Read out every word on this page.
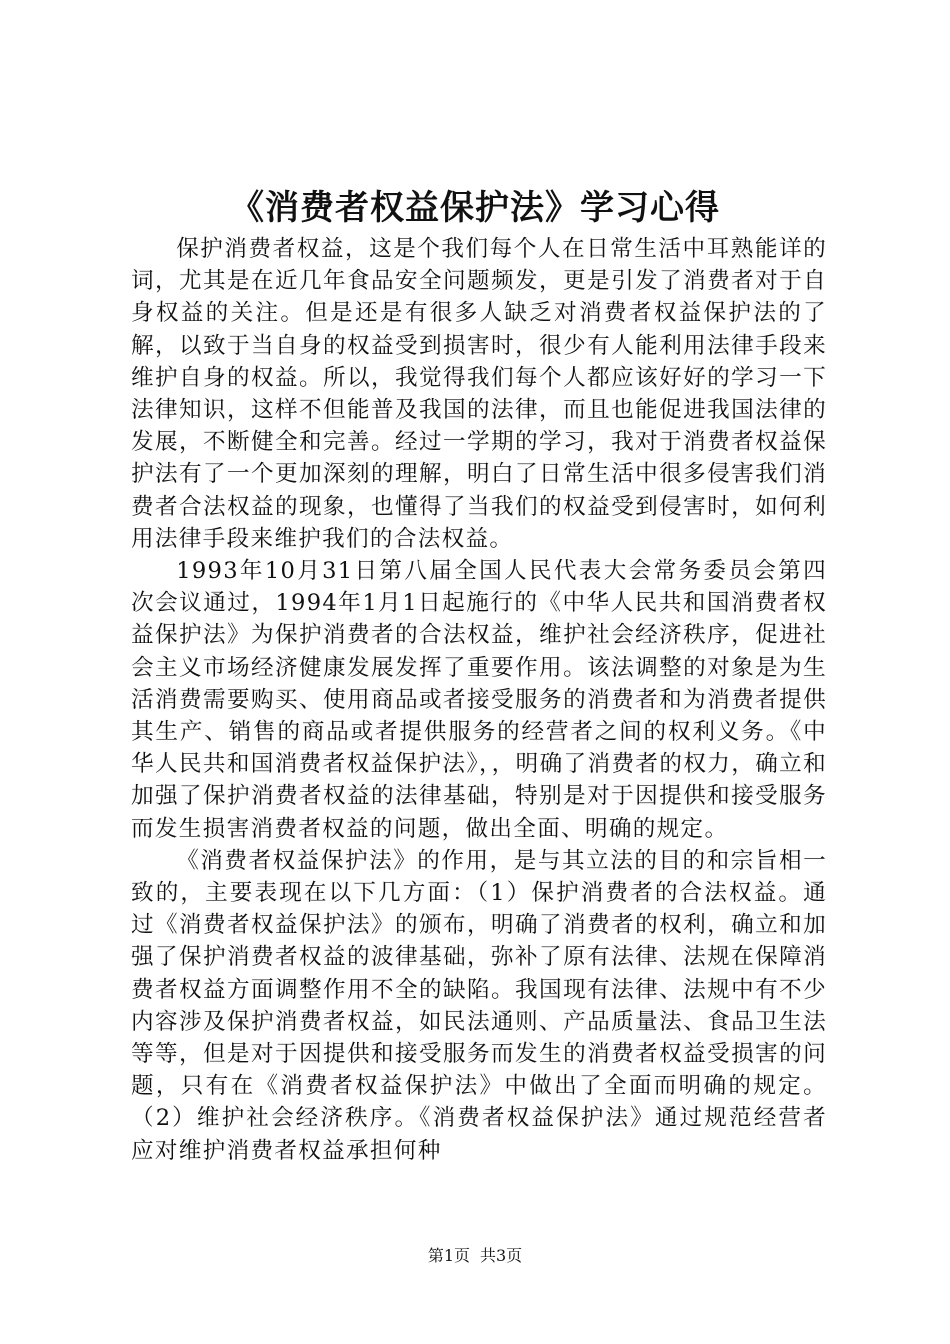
《消费者权益保护法》学习心得

保护消费者权益，这是个我们每个人在日常生活中耳熟能详的词，尤其是在近几年食品安全问题频发，更是引发了消费者对于自身权益的关注。但是还是有很多人缺乏对消费者权益保护法的了解，以致于当自身的权益受到损害时，很少有人能利用法律手段来维护自身的权益。所以，我觉得我们每个人都应该好好的学习一下法律知识，这样不但能普及我国的法律，而且也能促进我国法律的发展，不断健全和完善。经过一学期的学习，我对于消费者权益保护法有了一个更加深刻的理解，明白了日常生活中很多侵害我们消费者合法权益的现象，也懂得了当我们的权益受到侵害时，如何利用法律手段来维护我们的合法权益。

1993年10月31日第八届全国人民代表大会常务委员会第四次会议通过，1994年1月1日起施行的《中华人民共和国消费者权益保护法》为保护消费者的合法权益，维护社会经济秩序，促进社会主义市场经济健康发展发挥了重要作用。该法调整的对象是为生活消费需要购买、使用商品或者接受服务的消费者和为消费者提供其生产、销售的商品或者提供服务的经营者之间的权利义务。《中华人民共和国消费者权益保护法》，，明确了消费者的权力，确立和加强了保护消费者权益的法律基础，特别是对于因提供和接受服务而发生损害消费者权益的问题，做出全面、明确的规定。

《消费者权益保护法》的作用，是与其立法的目的和宗旨相一致的，主要表现在以下几方面：（1）保护消费者的合法权益。通过《消费者权益保护法》的颁布，明确了消费者的权利，确立和加强了保护消费者权益的波律基础，弥补了原有法律、法规在保障消费者权益方面调整作用不全的缺陷。我国现有法律、法规中有不少内容涉及保护消费者权益，如民法通则、产品质量法、食品卫生法等等，但是对于因提供和接受服务而发生的消费者权益受损害的问题，只有在《消费者权益保护法》中做出了全面而明确的规定。（2）维护社会经济秩序。《消费者权益保护法》通过规范经营者应对维护消费者权益承担何种

第1页 共3页
